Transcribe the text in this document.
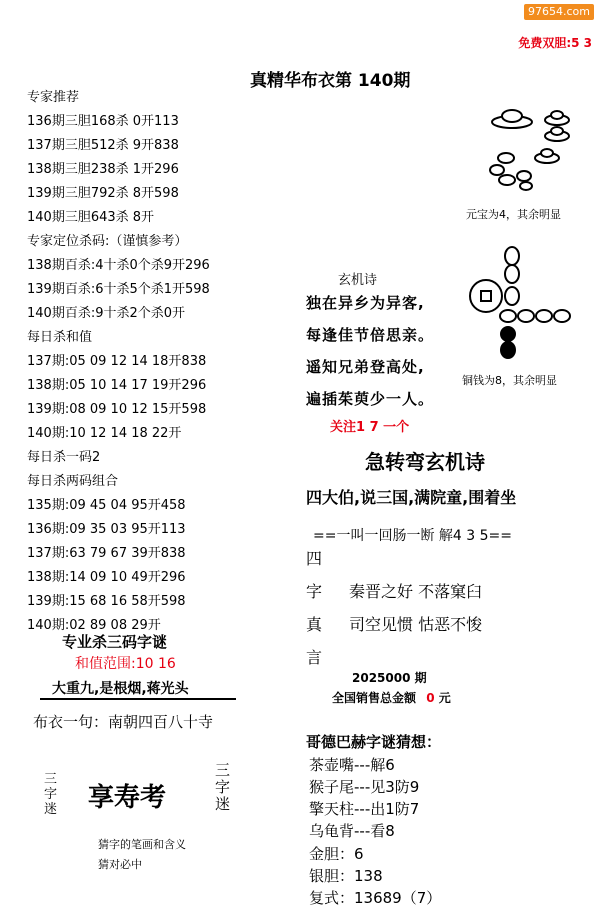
97654.com
免费双胆:5 3
真精华布衣第 140期
专家推荐
136期三胆168杀 0开113
137期三胆512杀 9开838
138期三胆238杀 1开296
139期三胆792杀 8开598
140期三胆643杀 8开
专家定位杀码:（谨慎参考）
138期百杀:4十杀0个杀9开296
139期百杀:6十杀5个杀1开598
140期百杀:9十杀2个杀0开
每日杀和值
137期:05 09 12 14 18开838
138期:05 10 14 17 19开296
139期:08 09 10 12 15开598
140期:10 12 14 18 22开
每日杀一码2
每日杀两码组合
135期:09 45 04 95开458
136期:09 35 03 95开113
137期:63 79 67 39开838
138期:14 09 10 49开296
139期:15 68 16 58开598
140期:02 89 08 29开
专业杀三码字谜
和值范围:10 16
大重九,是根烟,蒋光头
布衣一句：南朝四百八十寺
三
字
迷 享寿考
三
字
迷
猜字的笔画和含义
猜对必中
元宝为4，其余明显
铜钱为8，其余明显
玄机诗
独在异乡为异客,
每逢佳节倍思亲。
遥知兄弟登高处,
遍插茱萸少一人。
关注1 7 一个
急转弯玄机诗
四大伯,说三国,满院童,围着坐
==一叫一回肠一断 解4 3 5==
四
字 秦晋之好 不落窠臼
真 司空见惯 怙恶不悛
言
2025000 期
全国销售总金额 0 元
哥德巴赫字谜猜想：
茶壶嘴---解6
猴子尾---见3防9
擎天柱---出1防7
乌龟背---看8
金胆：6
银胆：138
复式：13689（7）
